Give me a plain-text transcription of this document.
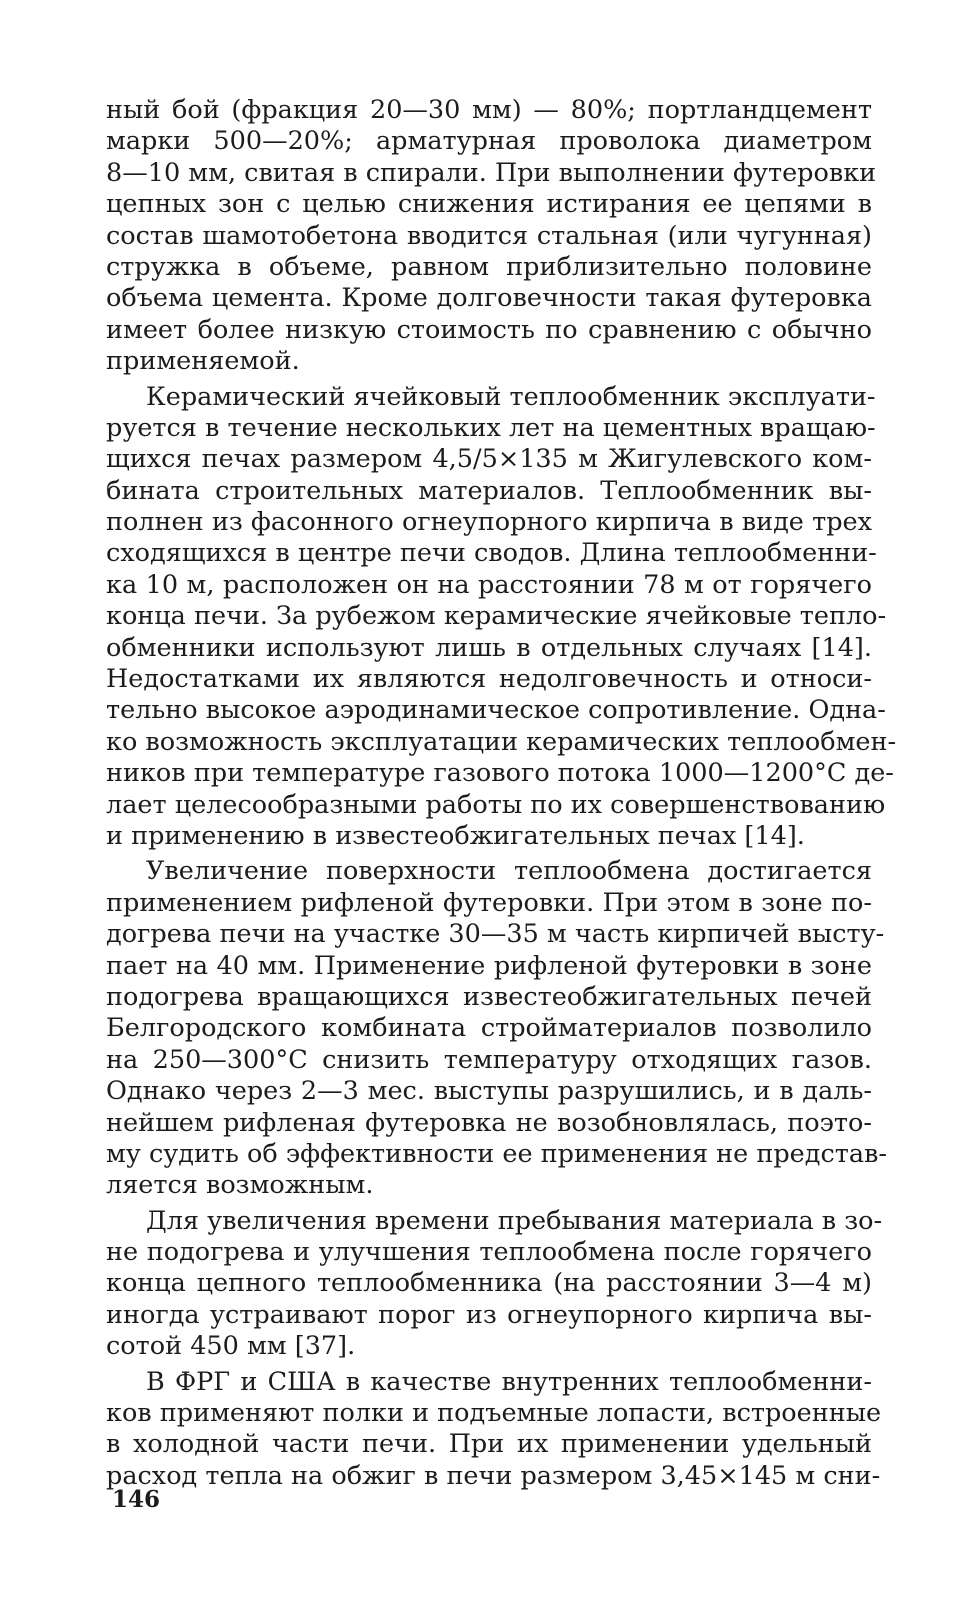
ный бой (фракция 20—30 мм) — 80%; портландцемент
марки 500—20%; арматурная проволока диаметром
8—10 мм, свитая в спирали. При выполнении футеровки
цепных зон с целью снижения истирания ее цепями в
состав шамотобетона вводится стальная (или чугунная)
стружка в объеме, равном приблизительно половине
объема цемента. Кроме долговечности такая футеровка
имеет более низкую стоимость по сравнению с обычно
применяемой.
Керамический ячейковый теплообменник эксплуати-
руется в течение нескольких лет на цементных вращаю-
щихся печах размером 4,5/5×135 м Жигулевского ком-
бината строительных материалов. Теплообменник вы-
полнен из фасонного огнеупорного кирпича в виде трех
сходящихся в центре печи сводов. Длина теплообменни-
ка 10 м, расположен он на расстоянии 78 м от горячего
конца печи. За рубежом керамические ячейковые тепло-
обменники используют лишь в отдельных случаях [14].
Недостатками их являются недолговечность и относи-
тельно высокое аэродинамическое сопротивление. Одна-
ко возможность эксплуатации керамических теплообмен-
ников при температуре газового потока 1000—1200°C де-
лает целесообразными работы по их совершенствованию
и применению в известеобжигательных печах [14].
Увеличение поверхности теплообмена достигается
применением рифленой футеровки. При этом в зоне по-
догрева печи на участке 30—35 м часть кирпичей высту-
пает на 40 мм. Применение рифленой футеровки в зоне
подогрева вращающихся известеобжигательных печей
Белгородского комбината стройматериалов позволило
на 250—300°C снизить температуру отходящих газов.
Однако через 2—3 мес. выступы разрушились, и в даль-
нейшем рифленая футеровка не возобновлялась, поэто-
му судить об эффективности ее применения не представ-
ляется возможным.
Для увеличения времени пребывания материала в зо-
не подогрева и улучшения теплообмена после горячего
конца цепного теплообменника (на расстоянии 3—4 м)
иногда устраивают порог из огнеупорного кирпича вы-
сотой 450 мм [37].
В ФРГ и США в качестве внутренних теплообменни-
ков применяют полки и подъемные лопасти, встроенные
в холодной части печи. При их применении удельный
расход тепла на обжиг в печи размером 3,45×145 м сни-
146
